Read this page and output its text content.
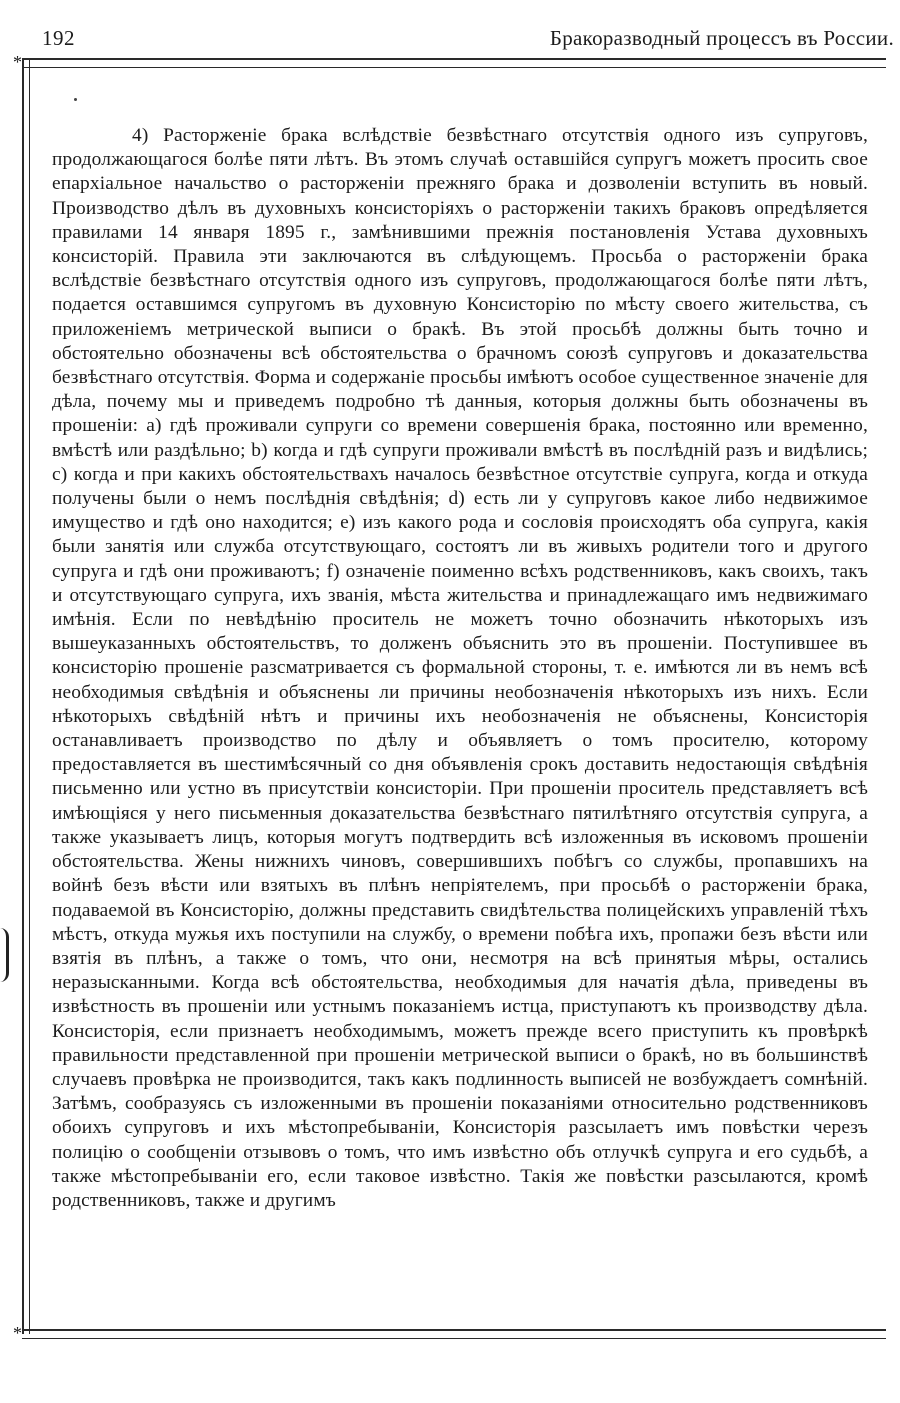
192	Бракоразводный процессъ въ России.
*
*

4) Расторженіе брака вслѣдствіе безвѣстнаго отсутствія одного изъ супруговъ, продолжающагося болѣе пяти лѣтъ. Въ этомъ случаѣ оставшійся супругъ можетъ просить свое епархіальное начальство о расторженіи прежняго брака и дозволеніи вступить въ новый. Производство дѣлъ въ духовныхъ консисторіяхъ о расторженіи такихъ браковъ опредѣляется правилами 14 января 1895 г., замѣнившими прежнія постановленія Устава духовныхъ консисторій. Правила эти заключаются въ слѣдующемъ. Просьба о расторженіи брака вслѣдствіе безвѣстнаго отсутствія одного изъ супруговъ, продолжающагося болѣе пяти лѣтъ, подается оставшимся супругомъ въ духовную Консисторію по мѣсту своего жительства, съ приложеніемъ метрической выписи о бракѣ. Въ этой просьбѣ должны быть точно и обстоятельно обозначены всѣ обстоятельства о брачномъ союзѣ супруговъ и доказательства безвѣстнаго отсутствія. Форма и содержаніе просьбы имѣютъ особое существенное значеніе для дѣла, почему мы и приведемъ подробно тѣ данныя, которыя должны быть обозначены въ прошеніи: a) гдѣ проживали супруги со времени совершенія брака, постоянно или временно, вмѣстѣ или раздѣльно; b) когда и гдѣ супруги проживали вмѣстѣ въ послѣдній разъ и видѣлись; c) когда и при какихъ обстоятельствахъ началось безвѣстное отсутствіе супруга, когда и откуда получены были о немъ послѣднія свѣдѣнія; d) есть ли у супруговъ какое либо недвижимое имущество и гдѣ оно находится; e) изъ какого рода и сословія происходятъ оба супруга, какія были занятія или служба отсутствующаго, состоятъ ли въ живыхъ родители того и другого супруга и гдѣ они проживаютъ; f) означеніе поименно всѣхъ родственниковъ, какъ своихъ, такъ и отсутствующаго супруга, ихъ званія, мѣста жительства и принадлежащаго имъ недвижимаго имѣнія. Если по невѣдѣнію проситель не можетъ точно обозначить нѣкоторыхъ изъ вышеуказанныхъ обстоятельствъ, то долженъ объяснить это въ прошеніи. Поступившее въ консисторію прошеніе разсматривается съ формальной стороны, т. е. имѣются ли въ немъ всѣ необходимыя свѣдѣнія и объяснены ли причины необозначенія нѣкоторыхъ изъ нихъ. Если нѣкоторыхъ свѣдѣній нѣтъ и причины ихъ необозначенія не объяснены, Консисторія останавливаетъ производство по дѣлу и объявляетъ о томъ просителю, которому предоставляется въ шестимѣсячный со дня объявленія срокъ доставить недостающія свѣдѣнія письменно или устно въ присутствіи консисторіи. При прошеніи проситель представляетъ всѣ имѣющіяся у него письменныя доказательства безвѣстнаго пятилѣтняго отсутствія супруга, а также указываетъ лицъ, которыя могутъ подтвердить всѣ изложенныя въ исковомъ прошеніи обстоятельства. Жены нижнихъ чиновъ, совершившихъ побѣгъ со службы, пропавшихъ на войнѣ безъ вѣсти или взятыхъ въ плѣнъ непріятелемъ, при просьбѣ о расторженіи брака, подаваемой въ Консисторію, должны представить свидѣтельства полицейскихъ управленій тѣхъ мѣстъ, откуда мужья ихъ поступили на службу, о времени побѣга ихъ, пропажи безъ вѣсти или взятія въ плѣнъ, а также о томъ, что они, несмотря на всѣ принятыя мѣры, остались неразысканными. Когда всѣ обстоятельства, необходимыя для начатія дѣла, приведены въ извѣстность въ прошеніи или устнымъ показаніемъ истца, приступаютъ къ производству дѣла. Консисторія, если признаетъ необходимымъ, можетъ прежде всего приступить къ провѣркѣ правильности представленной при прошеніи метрической выписи о бракѣ, но въ большинствѣ случаевъ провѣрка не производится, такъ какъ подлинность выписей не возбуждаетъ сомнѣній. Затѣмъ, сообразуясь съ изложенными въ прошеніи показаніями относительно родственниковъ обоихъ супруговъ и ихъ мѣстопребываніи, Консисторія разсылаетъ имъ повѣстки черезъ полицію о сообщеніи отзывовъ о томъ, что имъ извѣстно объ отлучкѣ супруга и его судьбѣ, а также мѣстопребываніи его, если таковое извѣстно. Такія же повѣстки разсылаются, кромѣ родственниковъ, также и другимъ
